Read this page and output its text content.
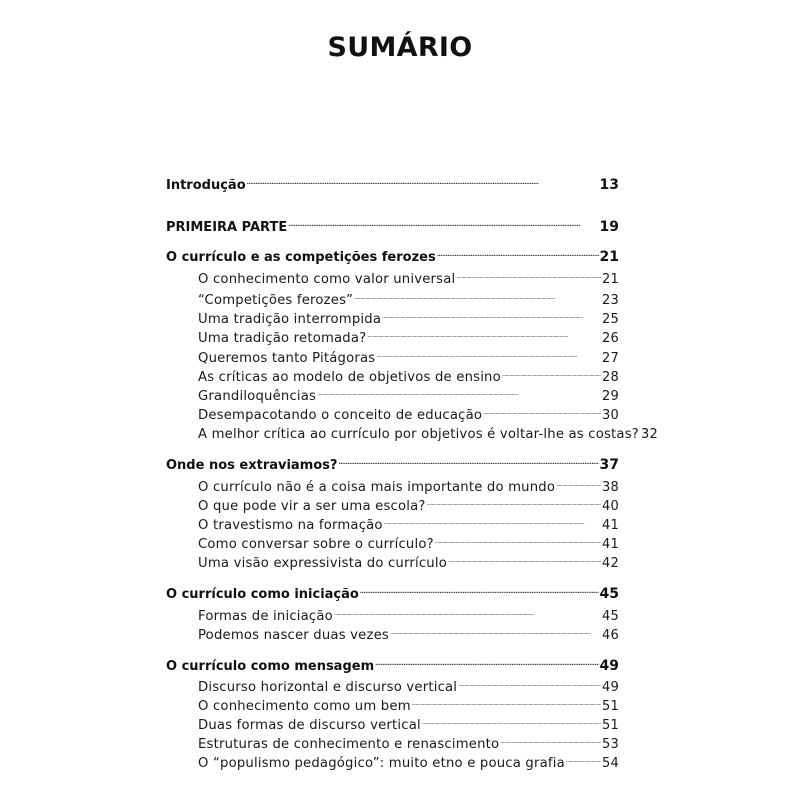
SUMÁRIO
Introdução . . .	13
PRIMEIRA PARTE . . .	19
O currículo e as competições ferozes . . .	21
O conhecimento como valor universal . . .	21
“Competições ferozes” . . .	23
Uma tradição interrompida . . .	25
Uma tradição retomada? . . .	26
Queremos tanto Pitágoras . . .	27
As críticas ao modelo de objetivos de ensino . . .	28
Grandiloquências . . .	29
Desempacotando o conceito de educação . . .	30
A melhor crítica ao currículo por objetivos é voltar-lhe as costas? 32
Onde nos extraviamos? . . .	37
O currículo não é a coisa mais importante do mundo . . .	38
O que pode vir a ser uma escola? . . .	40
O travestismo na formação . . .	41
Como conversar sobre o currículo? . . .	41
Uma visão expressivista do currículo . . .	42
O currículo como iniciação . . .	45
Formas de iniciação . . .	45
Podemos nascer duas vezes . . .	46
O currículo como mensagem . . .	49
Discurso horizontal e discurso vertical . . .	49
O conhecimento como um bem . . .	51
Duas formas de discurso vertical . . .	51
Estruturas de conhecimento e renascimento . . .	53
O “populismo pedagógico”: muito etno e pouca grafia . . .	54
